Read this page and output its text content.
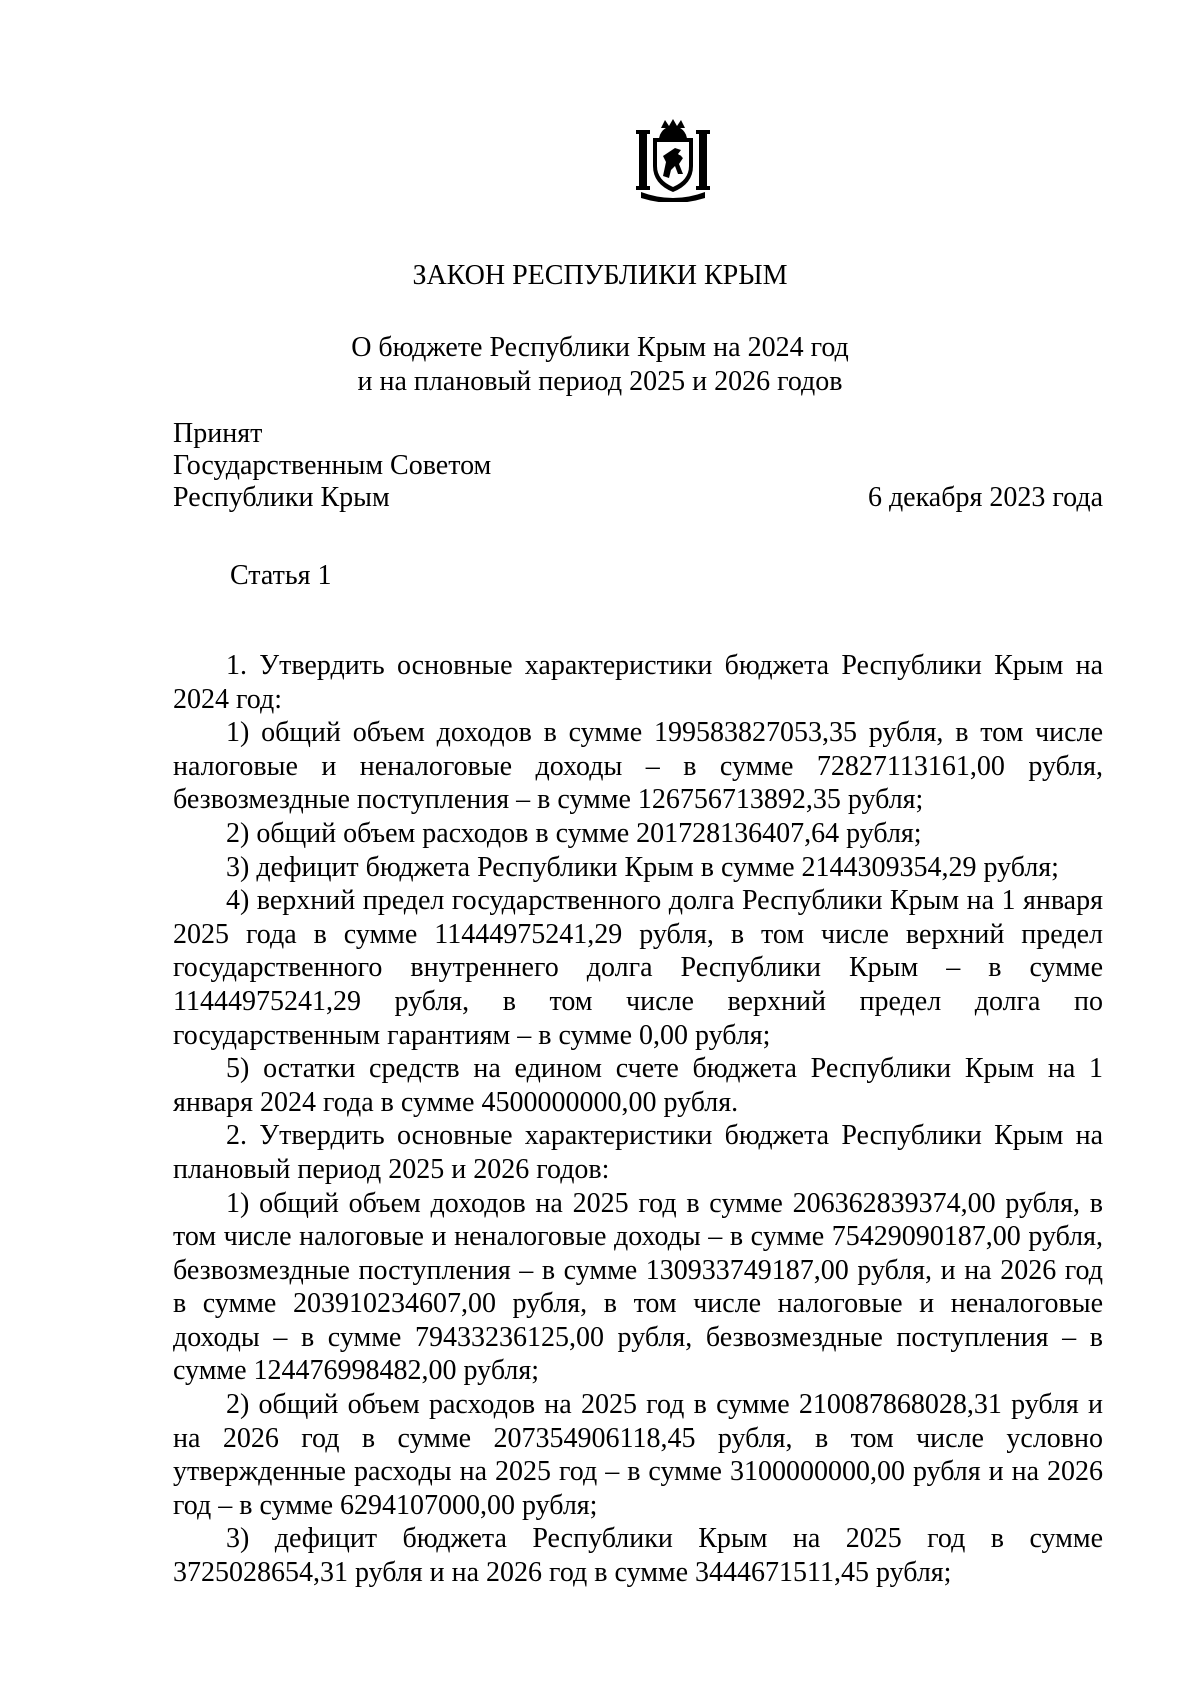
ЗАКОН РЕСПУБЛИКИ КРЫМ
О бюджете Республики Крым на 2024 год
и на плановый период 2025 и 2026 годов
Принят
Государственным Советом
Республики Крым	6 декабря 2023 года
Статья 1

1. Утвердить основные характеристики бюджета Республики Крым на 2024 год:

1) общий объем доходов в сумме 199583827053,35 рубля, в том числе налоговые и неналоговые доходы – в сумме 72827113161,00 рубля, безвозмездные поступления – в сумме 126756713892,35 рубля;

2) общий объем расходов в сумме 201728136407,64 рубля;

3) дефицит бюджета Республики Крым в сумме 2144309354,29 рубля;

4) верхний предел государственного долга Республики Крым на 1 января 2025 года в сумме 11444975241,29 рубля, в том числе верхний предел государственного внутреннего долга Республики Крым – в сумме 11444975241,29 рубля, в том числе верхний предел долга по государственным гарантиям – в сумме 0,00 рубля;

5) остатки средств на едином счете бюджета Республики Крым на 1 января 2024 года в сумме 4500000000,00 рубля.

2. Утвердить основные характеристики бюджета Республики Крым на плановый период 2025 и 2026 годов:

1) общий объем доходов на 2025 год в сумме 206362839374,00 рубля, в том числе налоговые и неналоговые доходы – в сумме 75429090187,00 рубля, безвозмездные поступления – в сумме 130933749187,00 рубля, и на 2026 год в сумме 203910234607,00 рубля, в том числе налоговые и неналоговые доходы – в сумме 79433236125,00 рубля, безвозмездные поступления – в сумме 124476998482,00 рубля;

2) общий объем расходов на 2025 год в сумме 210087868028,31 рубля и на 2026 год в сумме 207354906118,45 рубля, в том числе условно утвержденные расходы на 2025 год – в сумме 3100000000,00 рубля и на 2026 год – в сумме 6294107000,00 рубля;

3) дефицит бюджета Республики Крым на 2025 год в сумме 3725028654,31 рубля и на 2026 год в сумме 3444671511,45 рубля;
